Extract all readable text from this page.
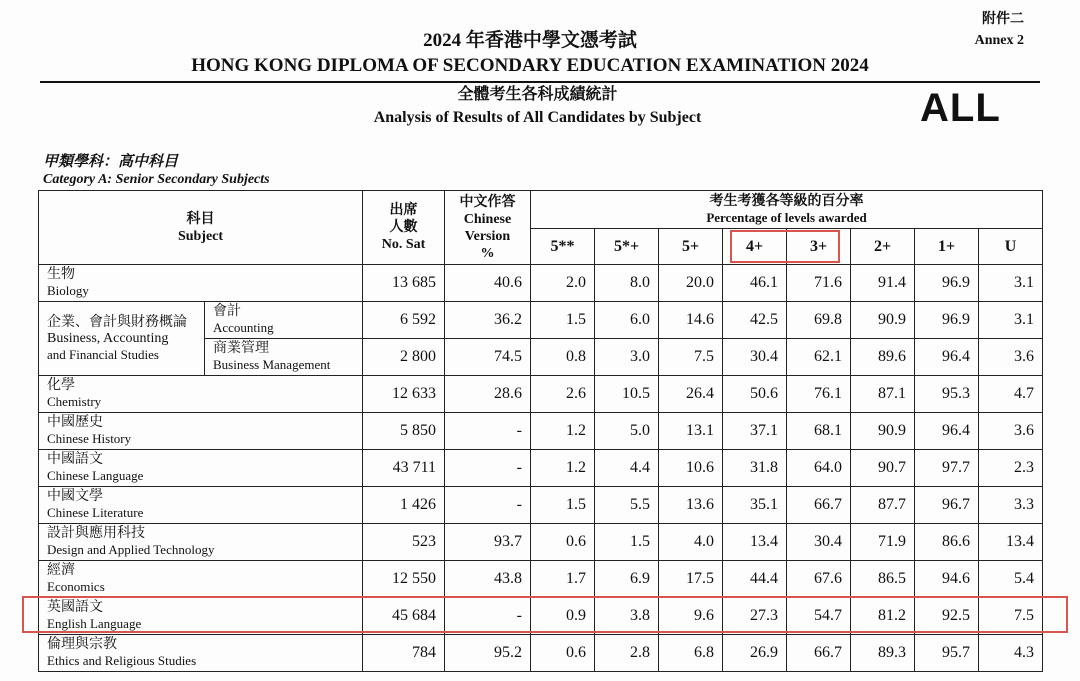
附件二
Annex 2
2024 年香港中學文憑考試
HONG KONG DIPLOMA OF SECONDARY EDUCATION EXAMINATION 2024
全體考生各科成績統計
Analysis of Results of All Candidates by Subject	ALL
甲類學科：高中科目
Category A: Senior Secondary Subjects
科目
Subject		出席
人數
No. Sat	中文作答
Chinese
Version
%	考生考獲各等級的百分率
Percentage of levels awarded							

				5**	5*+	5+	4+	3+	2+	1+	U

生物
Biology		13 685	40.6	2.0	8.0	20.0	46.1	71.6	91.4	96.9	3.1

企業、會計與財務概論
Business, Accounting
and Financial Studies	會計
Accounting	6 592	36.2	1.5	6.0	14.6	42.5	69.8	90.9	96.9	3.1

	商業管理
Business Management	2 800	74.5	0.8	3.0	7.5	30.4	62.1	89.6	96.4	3.6

化學
Chemistry		12 633	28.6	2.6	10.5	26.4	50.6	76.1	87.1	95.3	4.7

中國歷史
Chinese History		5 850	-	1.2	5.0	13.1	37.1	68.1	90.9	96.4	3.6

中國語文
Chinese Language		43 711	-	1.2	4.4	10.6	31.8	64.0	90.7	97.7	2.3

中國文學
Chinese Literature		1 426	-	1.5	5.5	13.6	35.1	66.7	87.7	96.7	3.3

設計與應用科技
Design and Applied Technology		523	93.7	0.6	1.5	4.0	13.4	30.4	71.9	86.6	13.4

經濟
Economics		12 550	43.8	1.7	6.9	17.5	44.4	67.6	86.5	94.6	5.4

英國語文
English Language		45 684	-	0.9	3.8	9.6	27.3	54.7	81.2	92.5	7.5

倫理與宗教
Ethics and Religious Studies		784	95.2	0.6	2.8	6.8	26.9	66.7	89.3	95.7	4.3
